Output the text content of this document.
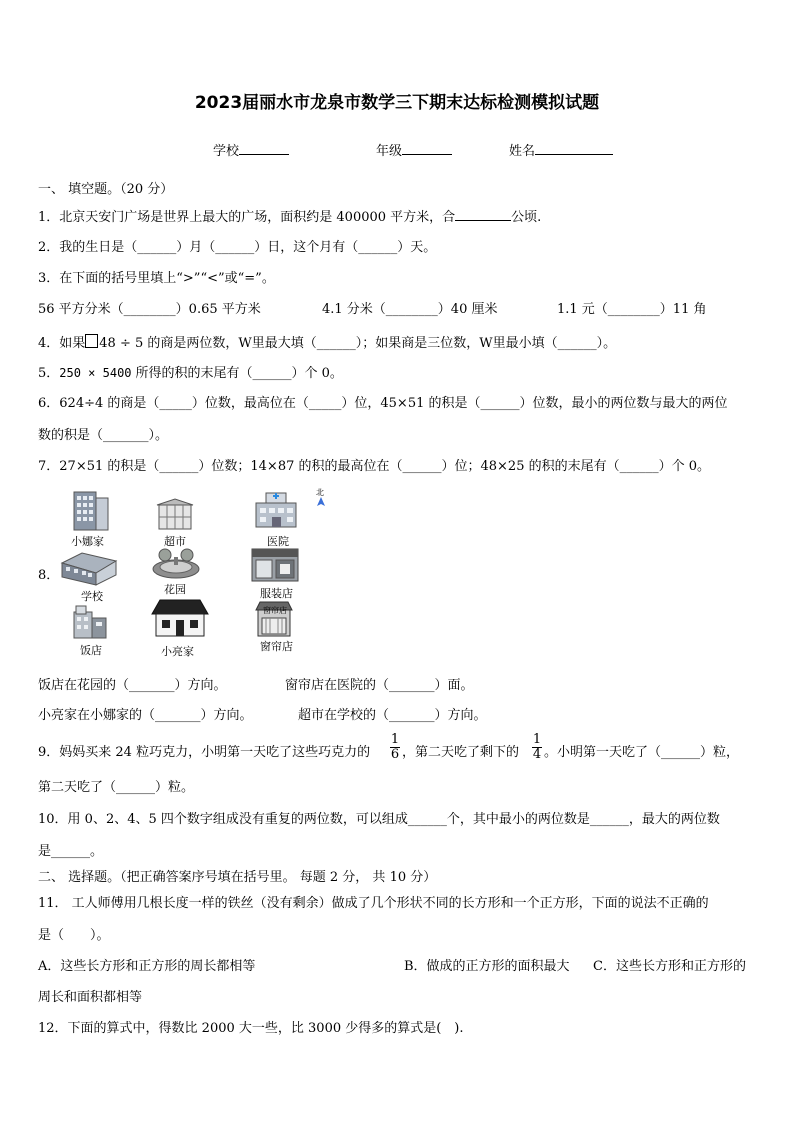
2023届丽水市龙泉市数学三下期末达标检测模拟试题
学校	年级	姓名
一、 填空题。（20 分）
1．北京天安门广场是世界上最大的广场，面积约是 400000 平方米，合	公顷.
2．我的生日是（______）月（______）日，这个月有（______）天。
3．在下面的括号里填上“>”“<”或“=”。
56 平方分米（________）0.65 平方米	4.1 分米（________）40 厘米	1.1 元（________）11 角
4．如果 48 ÷ 5 的商是两位数，W里最大填（______）；如果商是三位数，W里最小填（______）。
5．250 × 5400 所得的积的末尾有（______）个 0。
6．624÷4 的商是（_____）位数，最高位在（_____）位，45×51 的积是（______）位数，最小的两位数与最大的两位
数的积是（_______）。
7．27×51 的积是（______）位数；14×87 的积的最高位在（______）位；48×25 的积的末尾有（______）个 0。
8．
北
小娜家	超市	医院
学校
花园	服装店
饭店	小亮家
窗帘店
窗帘店
饭店在花园的（_______）方向。	窗帘店在医院的（_______）面。
小亮家在小娜家的（_______）方向。	超市在学校的（_______）方向。
9．妈妈买来 24 粒巧克力，小明第一天吃了这些巧克力的
1
6 ，第二天吃了剩下的
1
4 。小明第一天吃了（______）粒，
第二天吃了（______）粒。
10．用 0、2、4、5 四个数字组成没有重复的两位数，可以组成______个，其中最小的两位数是______，最大的两位数
是______。
二、 选择题。（把正确答案序号填在括号里。 每题 2 分， 共 10 分）
11． 工人师傅用几根长度一样的铁丝（没有剩余）做成了几个形状不同的长方形和一个正方形，下面的说法不正确的
是（　　）。
A．这些长方形和正方形的周长都相等	B．做成的正方形的面积最大 C．这些长方形和正方形的
周长和面积都相等
12．下面的算式中，得数比 2000 大一些，比 3000 少得多的算式是(　).
